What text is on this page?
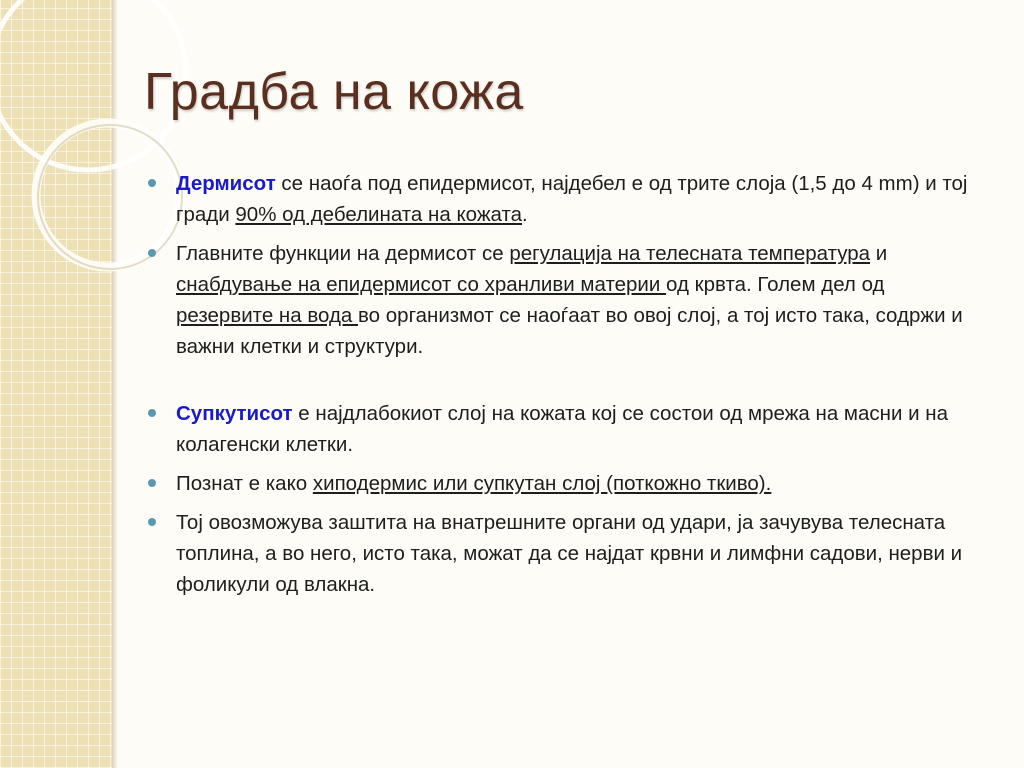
Градба на кожа
Дермисот се наоѓа под епидермисот, најдебел е од трите слоја (1,5 до 4 mm) и тој гради 90% од дебелината на кожата.
Главните функции на дермисот се регулација на телесната температура и снабдување на епидермисот со хранливи материи од крвта. Голем дел од резервите на вода во организмот се наоѓаат во овој слој, а тој исто така, содржи и важни клетки и структури.
Супкутисот е најдлабокиот слој на кожата кој се состои од мрежа на масни и на колагенски клетки.
Познат е како хиподермис или супкутан слој (поткожно ткиво).
Тој овозможува заштита на внатрешните органи од удари, ја зачувува телесната топлина, а во него, исто така, можат да се најдат крвни и лимфни садови, нерви и фоликули од влакна.
